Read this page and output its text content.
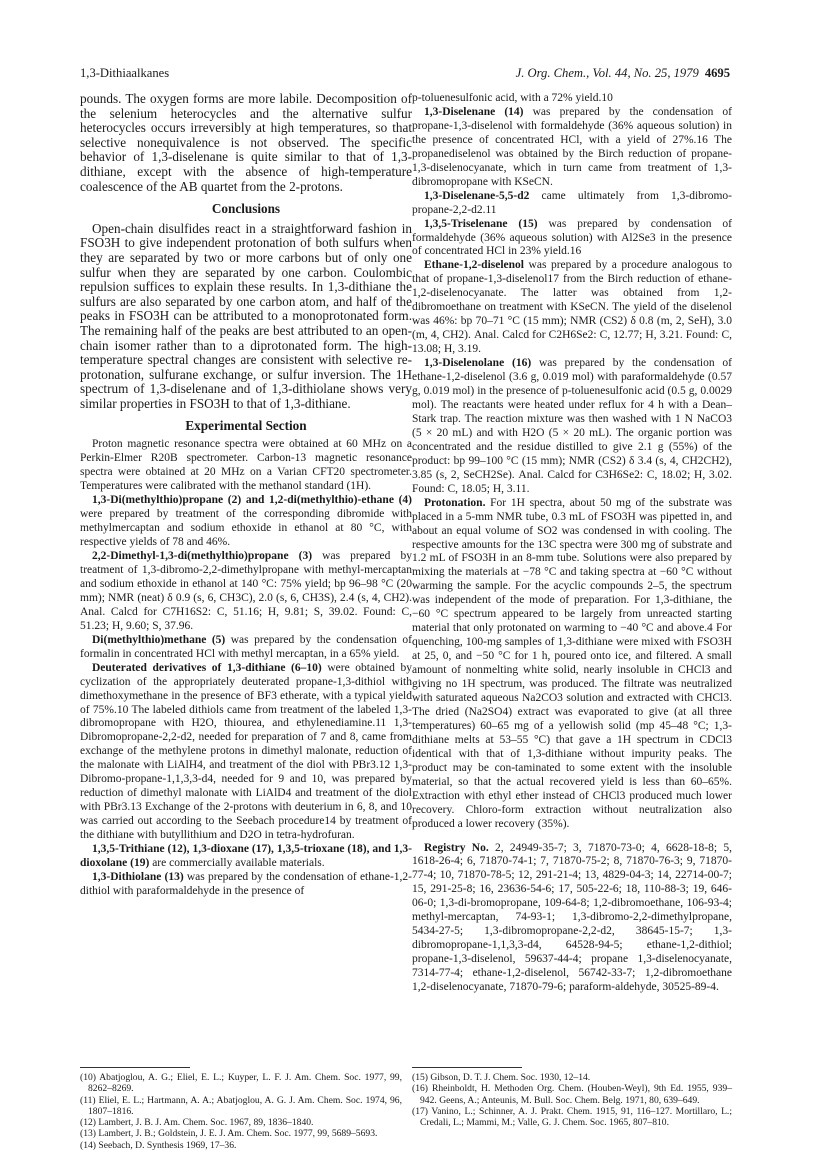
1,3-Dithiaalkanes	J. Org. Chem., Vol. 44, No. 25, 1979 4695

pounds. The oxygen forms are more labile. Decomposition of the selenium heterocycles and the alternative sulfur heterocycles occurs irreversibly at high temperatures, so that selective nonequivalence is not observed. The specific behavior of 1,3-diselenane is quite similar to that of 1,3-dithiane, except with the absence of high-temperature coalescence of the AB quartet from the 2-protons.

Conclusions

Open-chain disulfides react in a straightforward fashion in FSO3H to give independent protonation of both sulfurs when they are separated by two or more carbons but of only one sulfur when they are separated by one carbon. Coulombic repulsion suffices to explain these results. In 1,3-dithiane the sulfurs are also separated by one carbon atom, and half of the peaks in FSO3H can be attributed to a monoprotonated form. The remaining half of the peaks are best attributed to an open-chain isomer rather than to a diprotonated form. The high-temperature spectral changes are consistent with selective re-protonation, sulfurane exchange, or sulfur inversion. The 1H spectrum of 1,3-diselenane and of 1,3-dithiolane shows very similar properties in FSO3H to that of 1,3-dithiane.

Experimental Section

Proton magnetic resonance spectra were obtained at 60 MHz on a Perkin-Elmer R20B spectrometer. Carbon-13 magnetic resonance spectra were obtained at 20 MHz on a Varian CFT20 spectrometer. Temperatures were calibrated with the methanol standard (1H).

1,3-Di(methylthio)propane (2) and 1,2-di(methylthio)-ethane (4) were prepared by treatment of the corresponding dibromide with methylmercaptan and sodium ethoxide in ethanol at 80 °C, with respective yields of 78 and 46%.

2,2-Dimethyl-1,3-di(methylthio)propane (3) was prepared by treatment of 1,3-dibromo-2,2-dimethylpropane with methyl-mercaptan and sodium ethoxide in ethanol at 140 °C: 75% yield; bp 96–98 °C (20 mm); NMR (neat) δ 0.9 (s, 6, CH3C), 2.0 (s, 6, CH3S), 2.4 (s, 4, CH2). Anal. Calcd for C7H16S2: C, 51.16; H, 9.81; S, 39.02. Found: C, 51.23; H, 9.60; S, 37.96.

Di(methylthio)methane (5) was prepared by the condensation of formalin in concentrated HCl with methyl mercaptan, in a 65% yield.

Deuterated derivatives of 1,3-dithiane (6–10) were obtained by cyclization of the appropriately deuterated propane-1,3-dithiol with dimethoxymethane in the presence of BF3 etherate, with a typical yield of 75%.10 The labeled dithiols came from treatment of the labeled 1,3-dibromopropane with H2O, thiourea, and ethylenediamine.11 1,3-Dibromopropane-2,2-d2, needed for preparation of 7 and 8, came from exchange of the methylene protons in dimethyl malonate, reduction of the malonate with LiAlH4, and treatment of the diol with PBr3.12 1,3-Dibromo-propane-1,1,3,3-d4, needed for 9 and 10, was prepared by reduction of dimethyl malonate with LiAlD4 and treatment of the diol with PBr3.13 Exchange of the 2-protons with deuterium in 6, 8, and 10 was carried out according to the Seebach procedure14 by treatment of the dithiane with butyllithium and D2O in tetra-hydrofuran.

1,3,5-Trithiane (12), 1,3-dioxane (17), 1,3,5-trioxane (18), and 1,3-dioxolane (19) are commercially available materials.

1,3-Dithiolane (13) was prepared by the condensation of ethane-1,2-dithiol with paraformaldehyde in the presence of

p-toluenesulfonic acid, with a 72% yield.10

1,3-Diselenane (14) was prepared by the condensation of propane-1,3-diselenol with formaldehyde (36% aqueous solution) in the presence of concentrated HCl, with a yield of 27%.16 The propanediselenol was obtained by the Birch reduction of propane-1,3-diselenocyanate, which in turn came from treatment of 1,3-dibromopropane with KSeCN.

1,3-Diselenane-5,5-d2 came ultimately from 1,3-dibromo-propane-2,2-d2.11

1,3,5-Triselenane (15) was prepared by condensation of formaldehyde (36% aqueous solution) with Al2Se3 in the presence of concentrated HCl in 23% yield.16

Ethane-1,2-diselenol was prepared by a procedure analogous to that of propane-1,3-diselenol17 from the Birch reduction of ethane-1,2-diselenocyanate. The latter was obtained from 1,2-dibromoethane on treatment with KSeCN. The yield of the diselenol was 46%: bp 70–71 °C (15 mm); NMR (CS2) δ 0.8 (m, 2, SeH), 3.0 (m, 4, CH2). Anal. Calcd for C2H6Se2: C, 12.77; H, 3.21. Found: C, 13.08; H, 3.19.

1,3-Diselenolane (16) was prepared by the condensation of ethane-1,2-diselenol (3.6 g, 0.019 mol) with paraformaldehyde (0.57 g, 0.019 mol) in the presence of p-toluenesulfonic acid (0.5 g, 0.0029 mol). The reactants were heated under reflux for 4 h with a Dean–Stark trap. The reaction mixture was then washed with 1 N NaCO3 (5 × 20 mL) and with H2O (5 × 20 mL). The organic portion was concentrated and the residue distilled to give 2.1 g (55%) of the product: bp 99–100 °C (15 mm); NMR (CS2) δ 3.4 (s, 4, CH2CH2), 3.85 (s, 2, SeCH2Se). Anal. Calcd for C3H6Se2: C, 18.02; H, 3.02. Found: C, 18.05; H, 3.11.

Protonation. For 1H spectra, about 50 mg of the substrate was placed in a 5-mm NMR tube, 0.3 mL of FSO3H was pipetted in, and about an equal volume of SO2 was condensed in with cooling. The respective amounts for the 13C spectra were 300 mg of substrate and 1.2 mL of FSO3H in an 8-mm tube. Solutions were also prepared by mixing the materials at −78 °C and taking spectra at −60 °C without warming the sample. For the acyclic compounds 2–5, the spectrum was independent of the mode of preparation. For 1,3-dithiane, the −60 °C spectrum appeared to be largely from unreacted starting material that only protonated on warming to −40 °C and above.4 For quenching, 100-mg samples of 1,3-dithiane were mixed with FSO3H at 25, 0, and −50 °C for 1 h, poured onto ice, and filtered. A small amount of nonmelting white solid, nearly insoluble in CHCl3 and giving no 1H spectrum, was produced. The filtrate was neutralized with saturated aqueous Na2CO3 solution and extracted with CHCl3. The dried (Na2SO4) extract was evaporated to give (at all three temperatures) 60–65 mg of a yellowish solid (mp 45–48 °C; 1,3-dithiane melts at 53–55 °C) that gave a 1H spectrum in CDCl3 identical with that of 1,3-dithiane without impurity peaks. The product may be con-taminated to some extent with the insoluble material, so that the actual recovered yield is less than 60–65%. Extraction with ethyl ether instead of CHCl3 produced much lower recovery. Chloro-form extraction without neutralization also produced a lower recovery (35%).

Registry No. 2, 24949-35-7; 3, 71870-73-0; 4, 6628-18-8; 5, 1618-26-4; 6, 71870-74-1; 7, 71870-75-2; 8, 71870-76-3; 9, 71870-77-4; 10, 71870-78-5; 12, 291-21-4; 13, 4829-04-3; 14, 22714-00-7; 15, 291-25-8; 16, 23636-54-6; 17, 505-22-6; 18, 110-88-3; 19, 646-06-0; 1,3-di-bromopropane, 109-64-8; 1,2-dibromoethane, 106-93-4; methyl-mercaptan, 74-93-1; 1,3-dibromo-2,2-dimethylpropane, 5434-27-5; 1,3-dibromopropane-2,2-d2, 38645-15-7; 1,3-dibromopropane-1,1,3,3-d4, 64528-94-5; ethane-1,2-dithiol; propane-1,3-diselenol, 59637-44-4; propane 1,3-diselenocyanate, 7314-77-4; ethane-1,2-diselenol, 56742-33-7; 1,2-dibromoethane 1,2-diselenocyanate, 71870-79-6; paraform-aldehyde, 30525-89-4.

(10) Abatjoglou, A. G.; Eliel, E. L.; Kuyper, L. F. J. Am. Chem. Soc. 1977, 99, 8262–8269.
(11) Eliel, E. L.; Hartmann, A. A.; Abatjoglou, A. G. J. Am. Chem. Soc. 1974, 96, 1807–1816.
(12) Lambert, J. B. J. Am. Chem. Soc. 1967, 89, 1836–1840.
(13) Lambert, J. B.; Goldstein, J. E. J. Am. Chem. Soc. 1977, 99, 5689–5693.
(14) Seebach, D. Synthesis 1969, 17–36.
(15) Gibson, D. T. J. Chem. Soc. 1930, 12–14.
(16) Rheinboldt, H. Methoden Org. Chem. (Houben-Weyl), 9th Ed. 1955, 939–942. Geens, A.; Anteunis, M. Bull. Soc. Chem. Belg. 1971, 80, 639–649.
(17) Vanino, L.; Schinner, A. J. Prakt. Chem. 1915, 91, 116–127. Mortillaro, L.; Credali, L.; Mammi, M.; Valle, G. J. Chem. Soc. 1965, 807–810.
